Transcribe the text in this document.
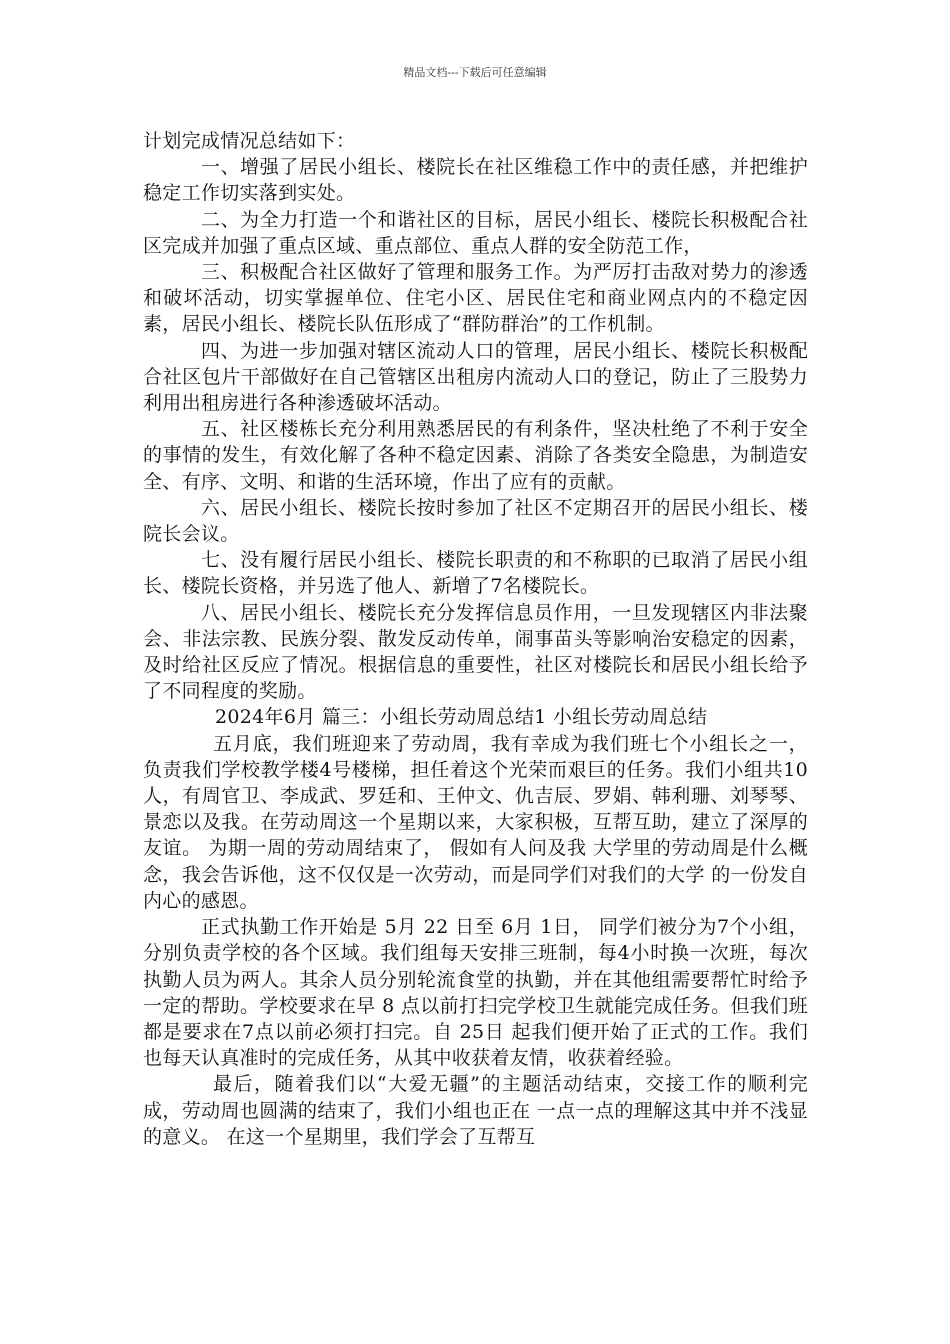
精品文档---下载后可任意编辑

计划完成情况总结如下：

一、增强了居民小组长、楼院长在社区维稳工作中的责任感，并把维护稳定工作切实落到实处。

二、为全力打造一个和谐社区的目标，居民小组长、楼院长积极配合社区完成并加强了重点区域、重点部位、重点人群的安全防范工作，

三、积极配合社区做好了管理和服务工作。为严厉打击敌对势力的渗透和破坏活动，切实掌握单位、住宅小区、居民住宅和商业网点内的不稳定因素，居民小组长、楼院长队伍形成了“群防群治”的工作机制。

四、为进一步加强对辖区流动人口的管理，居民小组长、楼院长积极配合社区包片干部做好在自己管辖区出租房内流动人口的登记，防止了三股势力利用出租房进行各种渗透破坏活动。

五、社区楼栋长充分利用熟悉居民的有利条件，坚决杜绝了不利于安全的事情的发生，有效化解了各种不稳定因素、消除了各类安全隐患，为制造安全、有序、文明、和谐的生活环境，作出了应有的贡献。

六、居民小组长、楼院长按时参加了社区不定期召开的居民小组长、楼院长会议。

七、没有履行居民小组长、楼院长职责的和不称职的已取消了居民小组长、楼院长资格，并另选了他人、新增了7名楼院长。

八、居民小组长、楼院长充分发挥信息员作用，一旦发现辖区内非法聚会、非法宗教、民族分裂、散发反动传单，闹事苗头等影响治安稳定的因素，及时给社区反应了情况。根据信息的重要性，社区对楼院长和居民小组长给予了不同程度的奖励。

2024年6月 篇三：小组长劳动周总结1 小组长劳动周总结

五月底，我们班迎来了劳动周，我有幸成为我们班七个小组长之一，负责我们学校教学楼4号楼梯，担任着这个光荣而艰巨的任务。我们小组共10人，有周官卫、李成武、罗廷和、王仲文、仇吉辰、罗娟、韩利珊、刘琴琴、景恋以及我。在劳动周这一个星期以来，大家积极，互帮互助，建立了深厚的友谊。 为期一周的劳动周结束了， 假如有人问及我 大学里的劳动周是什么概念，我会告诉他，这不仅仅是一次劳动，而是同学们对我们的大学 的一份发自内心的感恩。

正式执勤工作开始是 5月 22 日至 6月 1日， 同学们被分为7个小组，分别负责学校的各个区域。我们组每天安排三班制，每4小时换一次班，每次执勤人员为两人。其余人员分别轮流食堂的执勤，并在其他组需要帮忙时给予一定的帮助。学校要求在早 8 点以前打扫完学校卫生就能完成任务。但我们班都是要求在7点以前必须打扫完。自 25日 起我们便开始了正式的工作。我们也每天认真准时的完成任务，从其中收获着友情，收获着经验。

最后，随着我们以“大爱无疆”的主题活动结束，交接工作的顺利完成，劳动周也圆满的结束了，我们小组也正在 一点一点的理解这其中并不浅显的意义。 在这一个星期里，我们学会了互帮互
